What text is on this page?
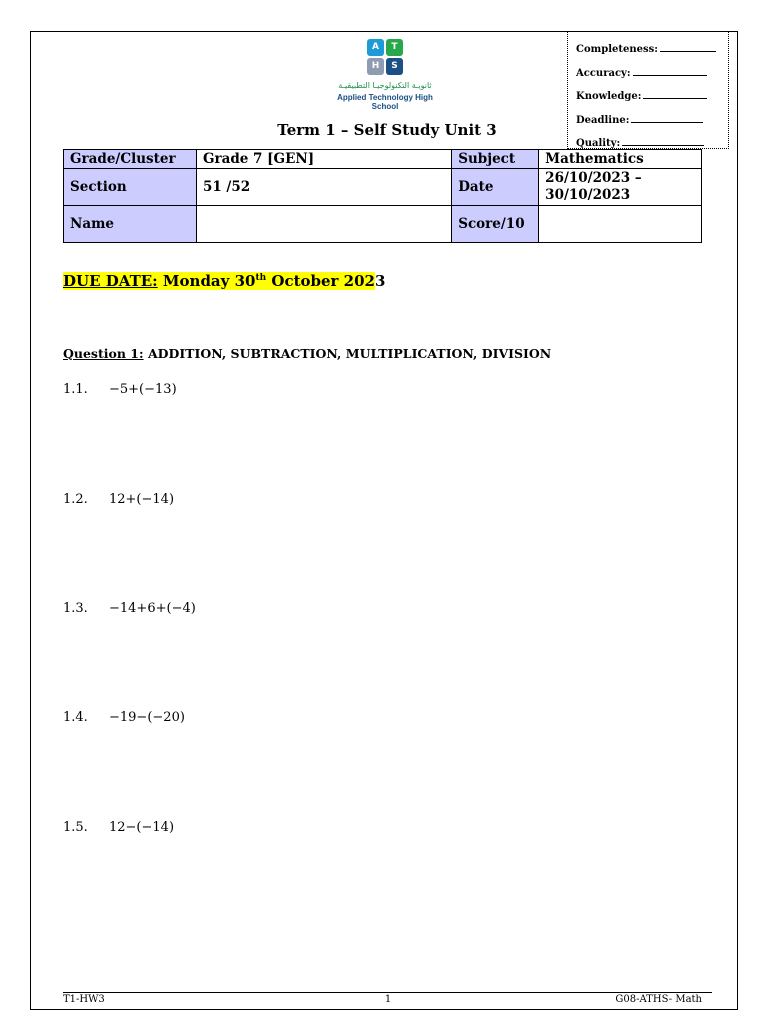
A	T
H	S
ثانويـة التكنولوجيـا التطبيقيـة
Applied Technology High School
Completeness:
Accuracy:
Knowledge:
Deadline:
Quality:
Term 1 – Self Study Unit 3
Grade/Cluster	Grade 7 [GEN]	Subject	Mathematics
Section	51 /52	Date	26/10/2023 –
30/10/2023

Name		Score/10	
DUE DATE: Monday 30th October 2023
Question 1: ADDITION, SUBTRACTION, MULTIPLICATION, DIVISION
1.1. −5+(−13)
1.2. 12+(−14)
1.3. −14+6+(−4)
1.4. −19−(−20)
1.5. 12−(−14)
T1-HW3	1	G08-ATHS- Math
